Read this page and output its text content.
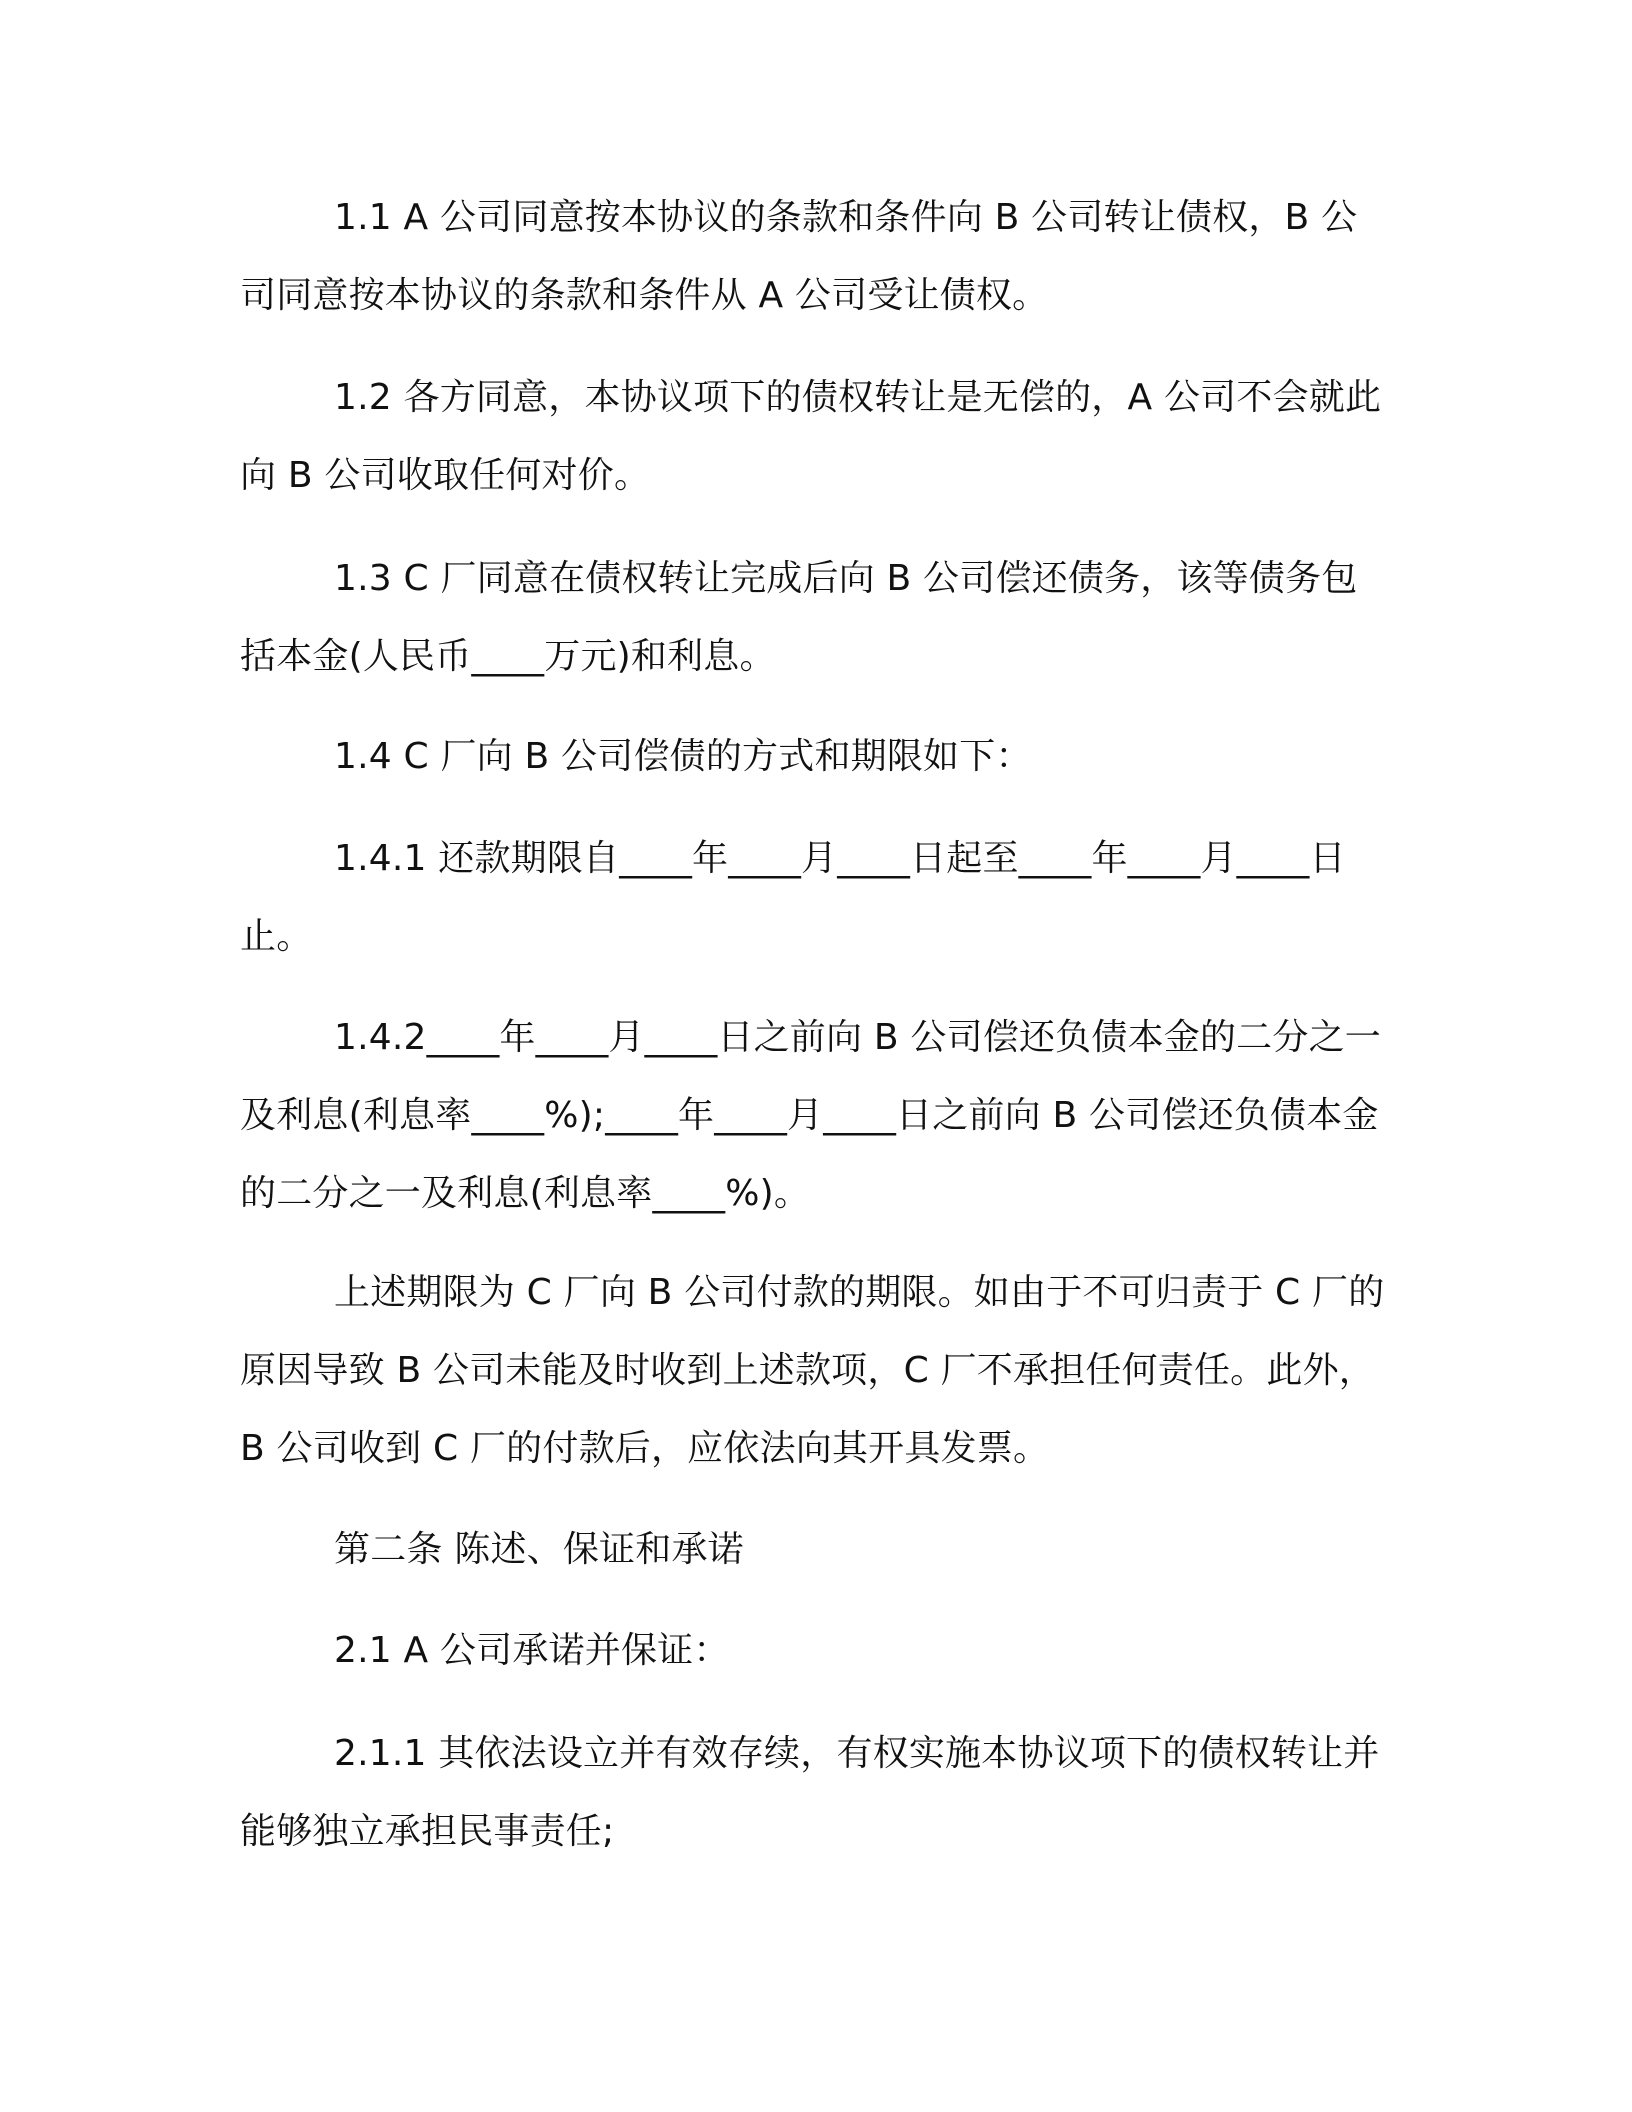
1.1 A 公司同意按本协议的条款和条件向 B 公司转让债权，B 公司同意按本协议的条款和条件从 A 公司受让债权。

1.2 各方同意，本协议项下的债权转让是无偿的，A 公司不会就此向 B 公司收取任何对价。

1.3 C 厂同意在债权转让完成后向 B 公司偿还债务，该等债务包括本金(人民币____万元)和利息。

1.4 C 厂向 B 公司偿债的方式和期限如下：

1.4.1 还款期限自____年____月____日起至____年____月____日止。

1.4.2____年____月____日之前向 B 公司偿还负债本金的二分之一及利息(利息率____%);____年____月____日之前向 B 公司偿还负债本金的二分之一及利息(利息率____%)。

上述期限为 C 厂向 B 公司付款的期限。如由于不可归责于 C 厂的原因导致 B 公司未能及时收到上述款项，C 厂不承担任何责任。此外，B 公司收到 C 厂的付款后，应依法向其开具发票。

第二条 陈述、保证和承诺

2.1 A 公司承诺并保证：

2.1.1 其依法设立并有效存续，有权实施本协议项下的债权转让并能够独立承担民事责任;
